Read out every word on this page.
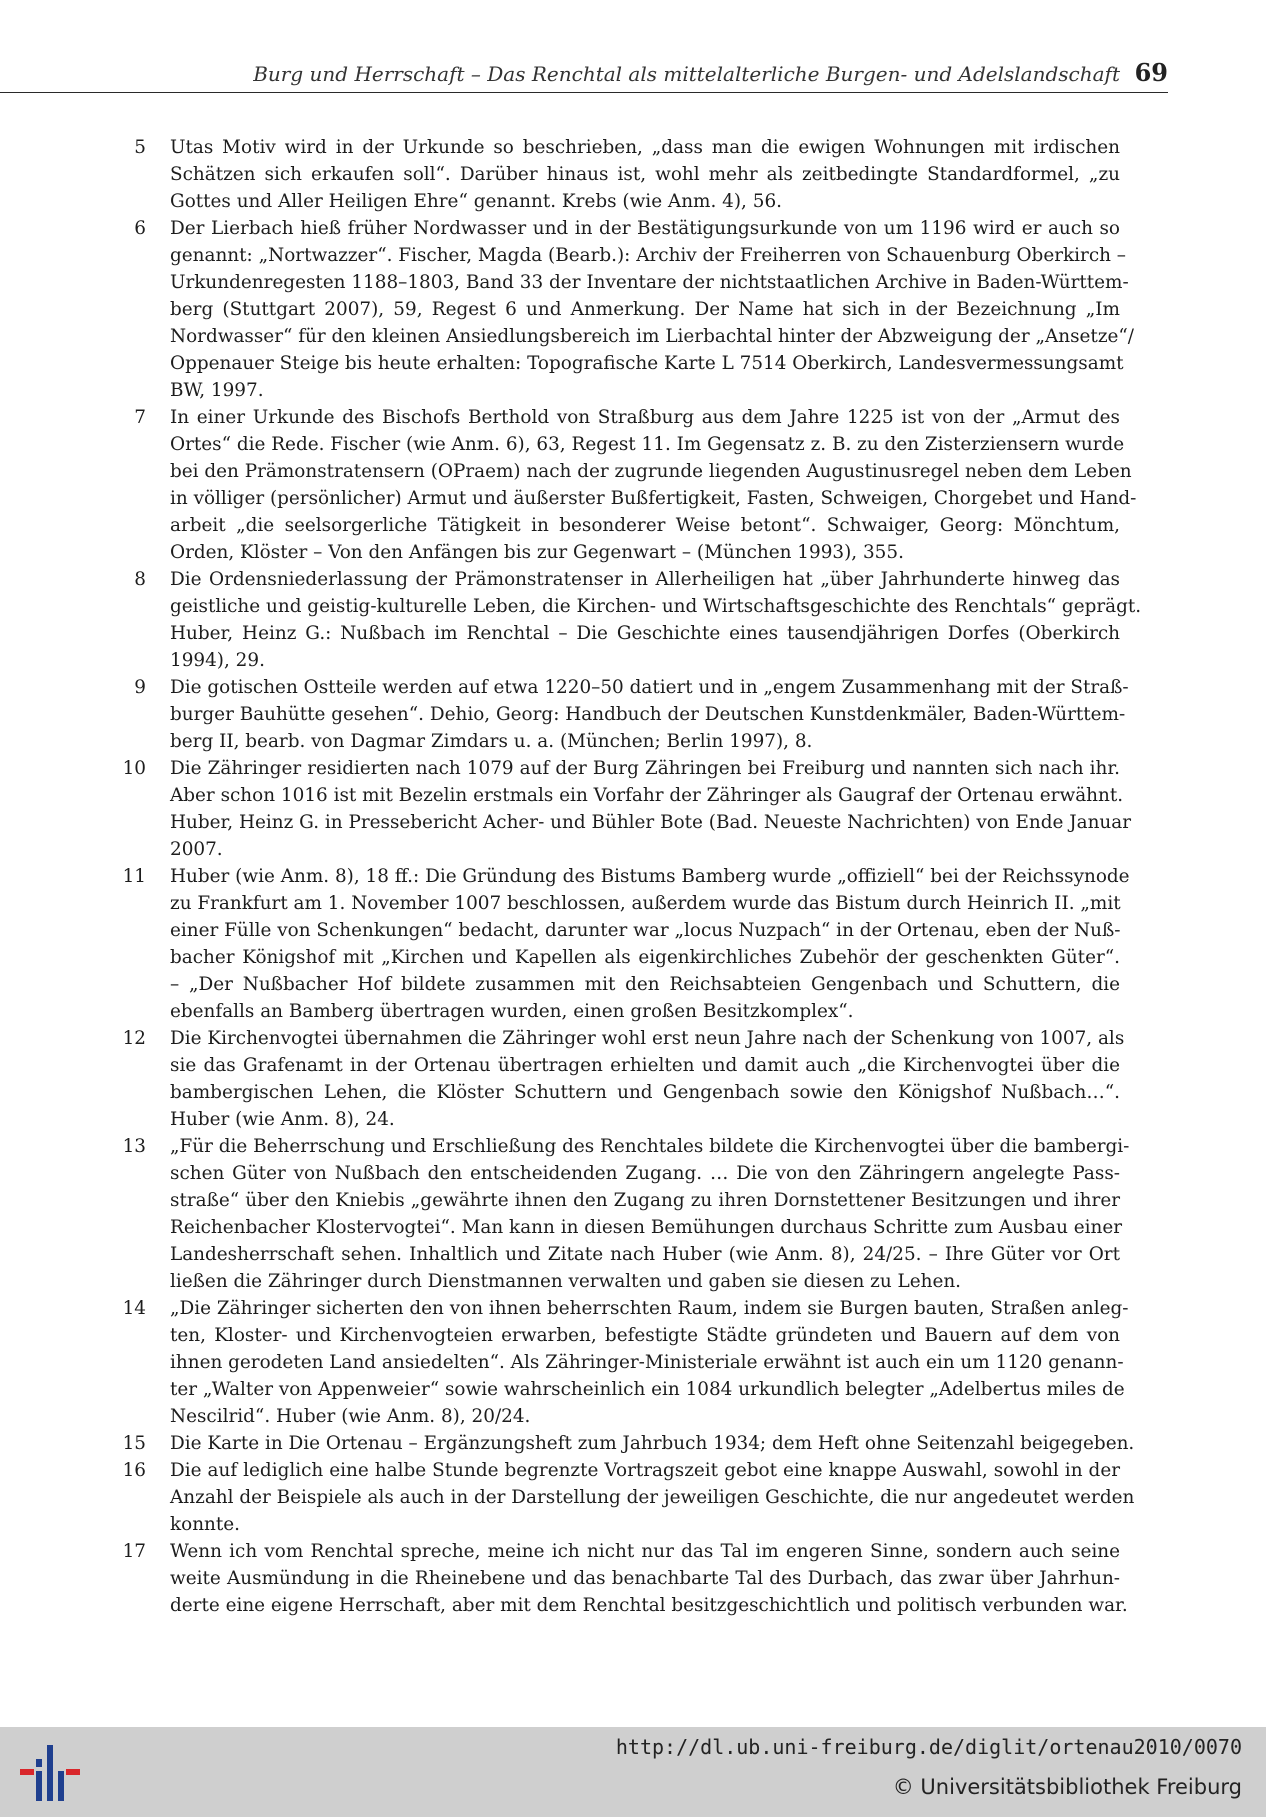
Burg und Herrschaft – Das Renchtal als mittelalterliche Burgen- und Adelslandschaft 69
5 Utas Motiv wird in der Urkunde so beschrieben, „dass man die ewigen Wohnungen mit irdischen
Schätzen sich erkaufen soll“. Darüber hinaus ist, wohl mehr als zeitbedingte Standardformel, „zu
Gottes und Aller Heiligen Ehre“ genannt. Krebs (wie Anm. 4), 56.
6 Der Lierbach hieß früher Nordwasser und in der Bestätigungsurkunde von um 1196 wird er auch so
genannt: „Nortwazzer“. Fischer, Magda (Bearb.): Archiv der Freiherren von Schauenburg Oberkirch –
Urkundenregesten 1188–1803, Band 33 der Inventare der nichtstaatlichen Archive in Baden-Württem-
berg (Stuttgart 2007), 59, Regest 6 und Anmerkung. Der Name hat sich in der Bezeichnung „Im
Nordwasser“ für den kleinen Ansiedlungsbereich im Lierbachtal hinter der Abzweigung der „Ansetze“/
Oppenauer Steige bis heute erhalten: Topografische Karte L 7514 Oberkirch, Landesvermessungsamt
BW, 1997.
7 In einer Urkunde des Bischofs Berthold von Straßburg aus dem Jahre 1225 ist von der „Armut des
Ortes“ die Rede. Fischer (wie Anm. 6), 63, Regest 11. Im Gegensatz z. B. zu den Zisterziensern wurde
bei den Prämonstratensern (OPraem) nach der zugrunde liegenden Augustinusregel neben dem Leben
in völliger (persönlicher) Armut und äußerster Bußfertigkeit, Fasten, Schweigen, Chorgebet und Hand-
arbeit „die seelsorgerliche Tätigkeit in besonderer Weise betont“. Schwaiger, Georg: Mönchtum,
Orden, Klöster – Von den Anfängen bis zur Gegenwart – (München 1993), 355.
8 Die Ordensniederlassung der Prämonstratenser in Allerheiligen hat „über Jahrhunderte hinweg das
geistliche und geistig-kulturelle Leben, die Kirchen- und Wirtschaftsgeschichte des Renchtals“ geprägt.
Huber, Heinz G.: Nußbach im Renchtal – Die Geschichte eines tausendjährigen Dorfes (Oberkirch
1994), 29.
9 Die gotischen Ostteile werden auf etwa 1220–50 datiert und in „engem Zusammenhang mit der Straß-
burger Bauhütte gesehen“. Dehio, Georg: Handbuch der Deutschen Kunstdenkmäler, Baden-Württem-
berg II, bearb. von Dagmar Zimdars u. a. (München; Berlin 1997), 8.
10 Die Zähringer residierten nach 1079 auf der Burg Zähringen bei Freiburg und nannten sich nach ihr.
Aber schon 1016 ist mit Bezelin erstmals ein Vorfahr der Zähringer als Gaugraf der Ortenau erwähnt.
Huber, Heinz G. in Pressebericht Acher- und Bühler Bote (Bad. Neueste Nachrichten) von Ende Januar
2007.
11 Huber (wie Anm. 8), 18 ff.: Die Gründung des Bistums Bamberg wurde „offiziell“ bei der Reichssynode
zu Frankfurt am 1. November 1007 beschlossen, außerdem wurde das Bistum durch Heinrich II. „mit
einer Fülle von Schenkungen“ bedacht, darunter war „locus Nuzpach“ in der Ortenau, eben der Nuß-
bacher Königshof mit „Kirchen und Kapellen als eigenkirchliches Zubehör der geschenkten Güter“.
– „Der Nußbacher Hof bildete zusammen mit den Reichsabteien Gengenbach und Schuttern, die
ebenfalls an Bamberg übertragen wurden, einen großen Besitzkomplex“.
12 Die Kirchenvogtei übernahmen die Zähringer wohl erst neun Jahre nach der Schenkung von 1007, als
sie das Grafenamt in der Ortenau übertragen erhielten und damit auch „die Kirchenvogtei über die
bambergischen Lehen, die Klöster Schuttern und Gengenbach sowie den Königshof Nußbach…“.
Huber (wie Anm. 8), 24.
13 „Für die Beherrschung und Erschließung des Renchtales bildete die Kirchenvogtei über die bambergi-
schen Güter von Nußbach den entscheidenden Zugang. … Die von den Zähringern angelegte Pass-
straße“ über den Kniebis „gewährte ihnen den Zugang zu ihren Dornstettener Besitzungen und ihrer
Reichenbacher Klostervogtei“. Man kann in diesen Bemühungen durchaus Schritte zum Ausbau einer
Landesherrschaft sehen. Inhaltlich und Zitate nach Huber (wie Anm. 8), 24/25. – Ihre Güter vor Ort
ließen die Zähringer durch Dienstmannen verwalten und gaben sie diesen zu Lehen.
14 „Die Zähringer sicherten den von ihnen beherrschten Raum, indem sie Burgen bauten, Straßen anleg-
ten, Kloster- und Kirchenvogteien erwarben, befestigte Städte gründeten und Bauern auf dem von
ihnen gerodeten Land ansiedelten“. Als Zähringer-Ministeriale erwähnt ist auch ein um 1120 genann-
ter „Walter von Appenweier“ sowie wahrscheinlich ein 1084 urkundlich belegter „Adelbertus miles de
Nescilrid“. Huber (wie Anm. 8), 20/24.
15 Die Karte in Die Ortenau – Ergänzungsheft zum Jahrbuch 1934; dem Heft ohne Seitenzahl beigegeben.
16 Die auf lediglich eine halbe Stunde begrenzte Vortragszeit gebot eine knappe Auswahl, sowohl in der
Anzahl der Beispiele als auch in der Darstellung der jeweiligen Geschichte, die nur angedeutet werden
konnte.
17 Wenn ich vom Renchtal spreche, meine ich nicht nur das Tal im engeren Sinne, sondern auch seine
weite Ausmündung in die Rheinebene und das benachbarte Tal des Durbach, das zwar über Jahrhun-
derte eine eigene Herrschaft, aber mit dem Renchtal besitzgeschichtlich und politisch verbunden war.
http://dl.ub.uni-freiburg.de/diglit/ortenau2010/0070
© Universitätsbibliothek Freiburg
